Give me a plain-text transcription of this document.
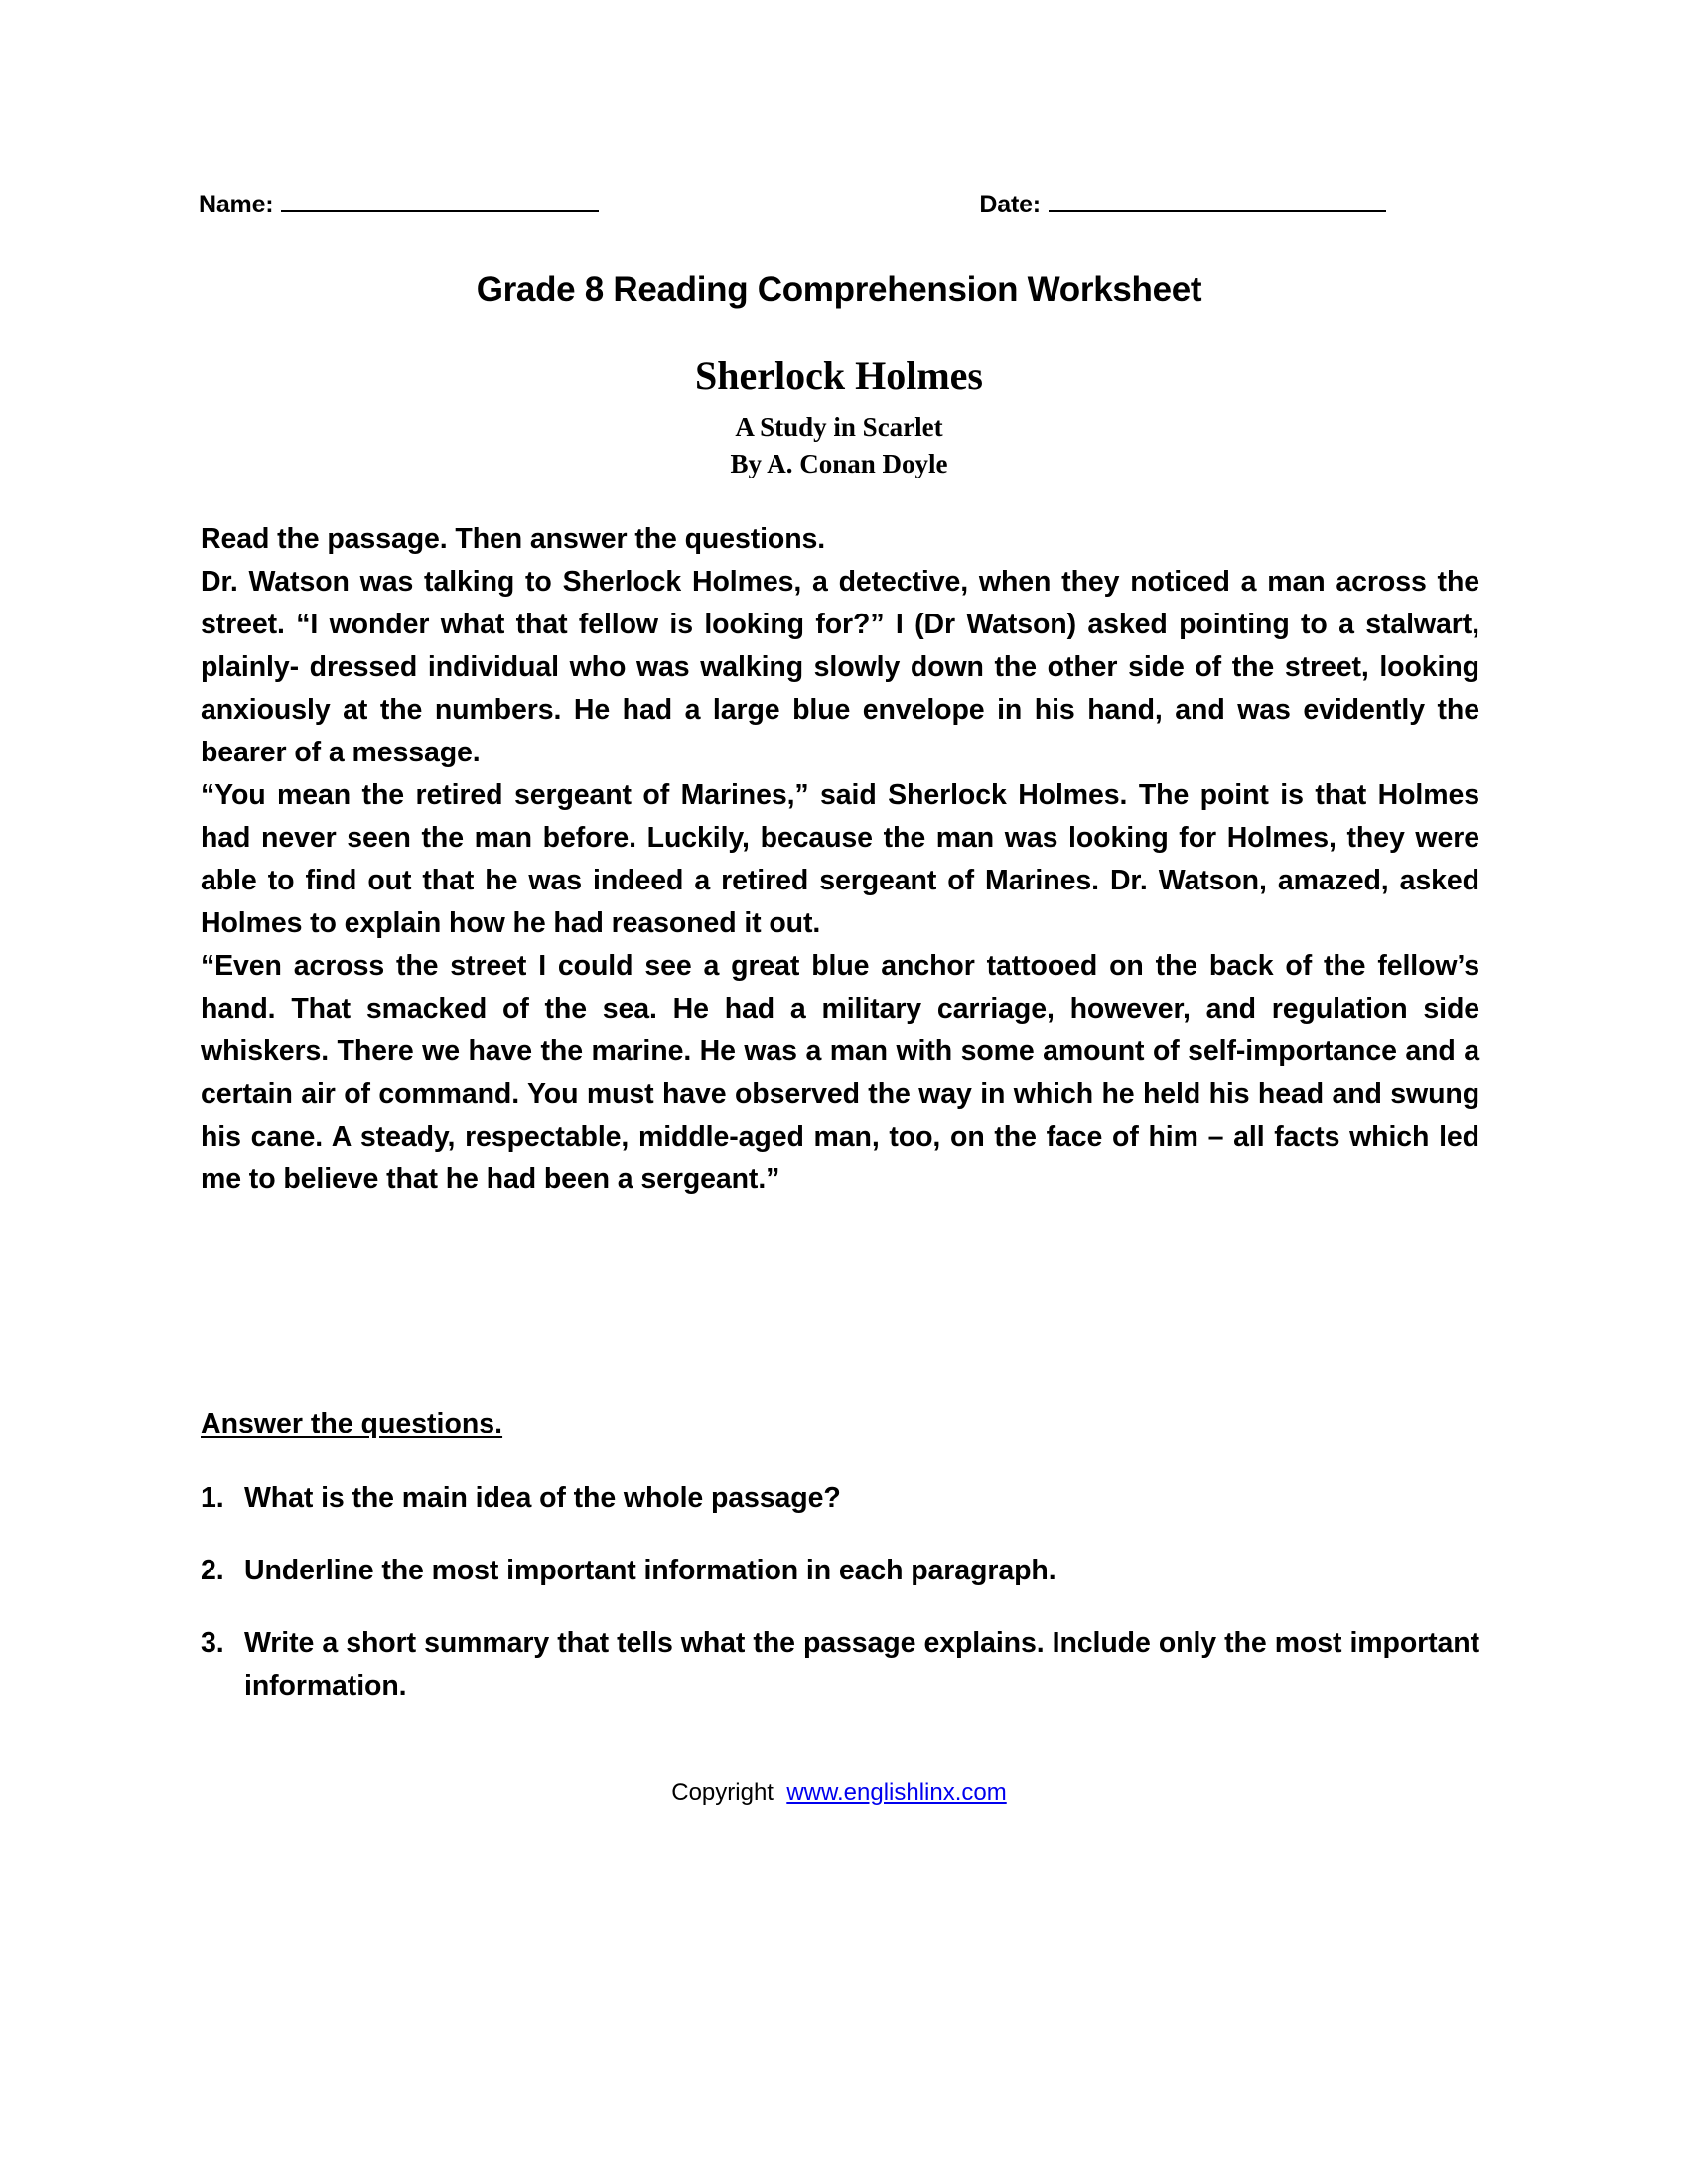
Name:	Date:
Grade 8 Reading Comprehension Worksheet
Sherlock Holmes
A Study in Scarlet
By A. Conan Doyle
Read the passage. Then answer the questions.
Dr. Watson was talking to Sherlock Holmes, a detective, when they noticed a man across the street. “I wonder what that fellow is looking for?” I (Dr Watson) asked pointing to a stalwart, plainly- dressed individual who was walking slowly down the other side of the street, looking anxiously at the numbers. He had a large blue envelope in his hand, and was evidently the bearer of a message.
“You mean the retired sergeant of Marines,” said Sherlock Holmes. The point is that Holmes had never seen the man before. Luckily, because the man was looking for Holmes, they were able to find out that he was indeed a retired sergeant of Marines. Dr. Watson, amazed, asked Holmes to explain how he had reasoned it out.
“Even across the street I could see a great blue anchor tattooed on the back of the fellow’s hand. That smacked of the sea. He had a military carriage, however, and regulation side whiskers. There we have the marine. He was a man with some amount of self-importance and a certain air of command. You must have observed the way in which he held his head and swung his cane. A steady, respectable, middle-aged man, too, on the face of him – all facts which led me to believe that he had been a sergeant.”
Answer the questions.
1. What is the main idea of the whole passage?
2. Underline the most important information in each paragraph.
3. Write a short summary that tells what the passage explains. Include only the most important information.
Copyright www.englishlinx.com
